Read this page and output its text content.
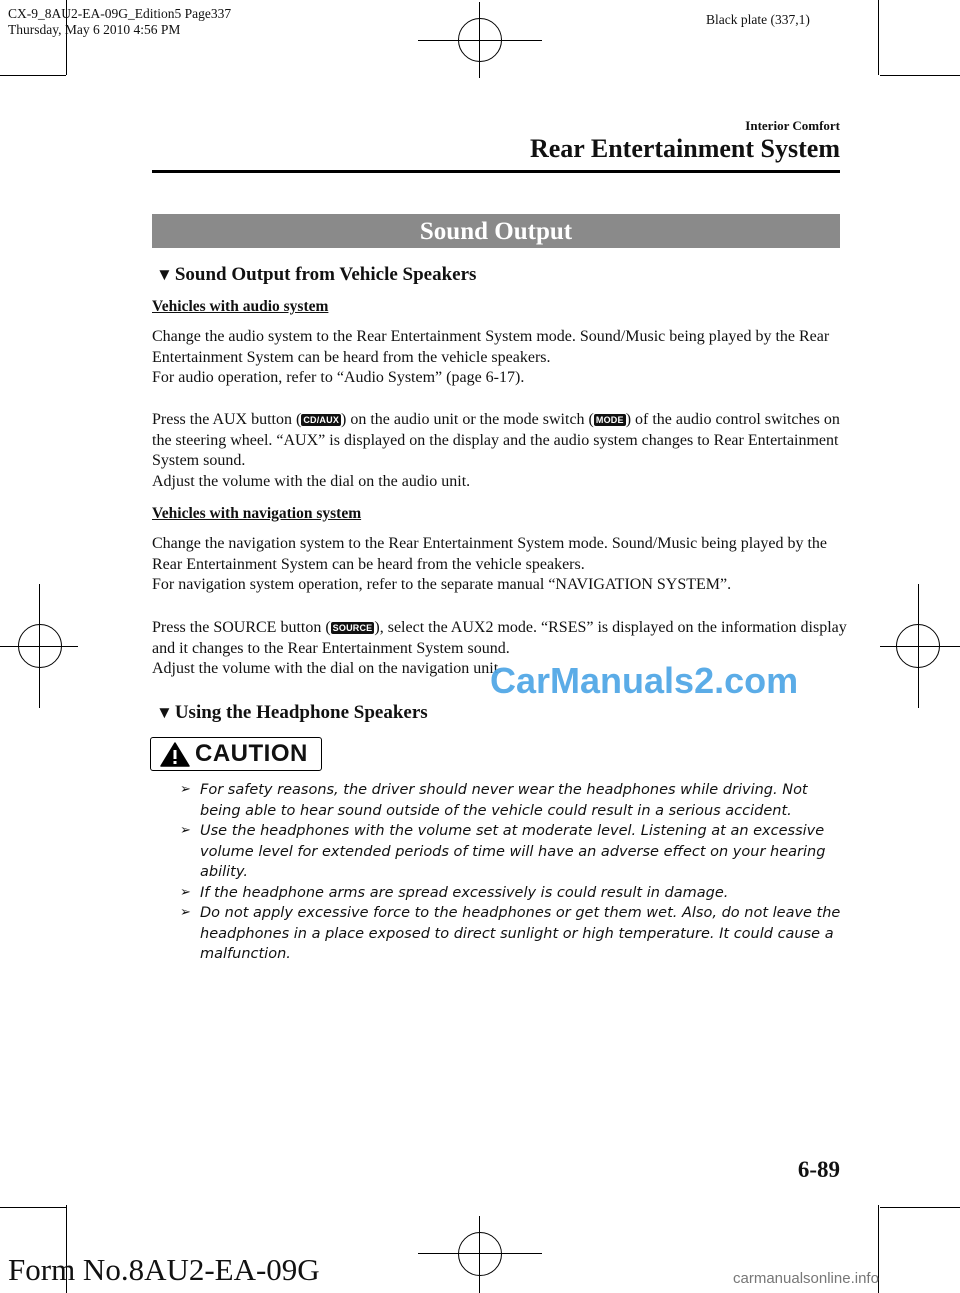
CX-9_8AU2-EA-09G_Edition5 Page337
Thursday, May 6 2010 4:56 PM
Black plate (337,1)
Interior Comfort
Rear Entertainment System
Sound Output
▼ Sound Output from Vehicle Speakers
Vehicles with audio system
Change the audio system to the Rear Entertainment System mode. Sound/Music being played by the Rear Entertainment System can be heard from the vehicle speakers.
For audio operation, refer to “Audio System” (page 6-17).
Press the AUX button ( CD/AUX ) on the audio unit or the mode switch ( MODE ) of the audio control switches on the steering wheel. “AUX” is displayed on the display and the audio system changes to Rear Entertainment System sound.
Adjust the volume with the dial on the audio unit.
Vehicles with navigation system
Change the navigation system to the Rear Entertainment System mode. Sound/Music being played by the Rear Entertainment System can be heard from the vehicle speakers.
For navigation system operation, refer to the separate manual “NAVIGATION SYSTEM”.
Press the SOURCE button ( SOURCE ), select the AUX2 mode. “RSES” is displayed on the information display and it changes to the Rear Entertainment System sound.
Adjust the volume with the dial on the navigation unit.
CarManuals2.com
▼ Using the Headphone Speakers
CAUTION
➢ For safety reasons, the driver should never wear the headphones while driving. Not being able to hear sound outside of the vehicle could result in a serious accident.
➢ Use the headphones with the volume set at moderate level. Listening at an excessive volume level for extended periods of time will have an adverse effect on your hearing ability.
➢ If the headphone arms are spread excessively is could result in damage.
➢ Do not apply excessive force to the headphones or get them wet. Also, do not leave the headphones in a place exposed to direct sunlight or high temperature. It could cause a malfunction.
6-89
Form No.8AU2-EA-09G	carmanualsonline.info
